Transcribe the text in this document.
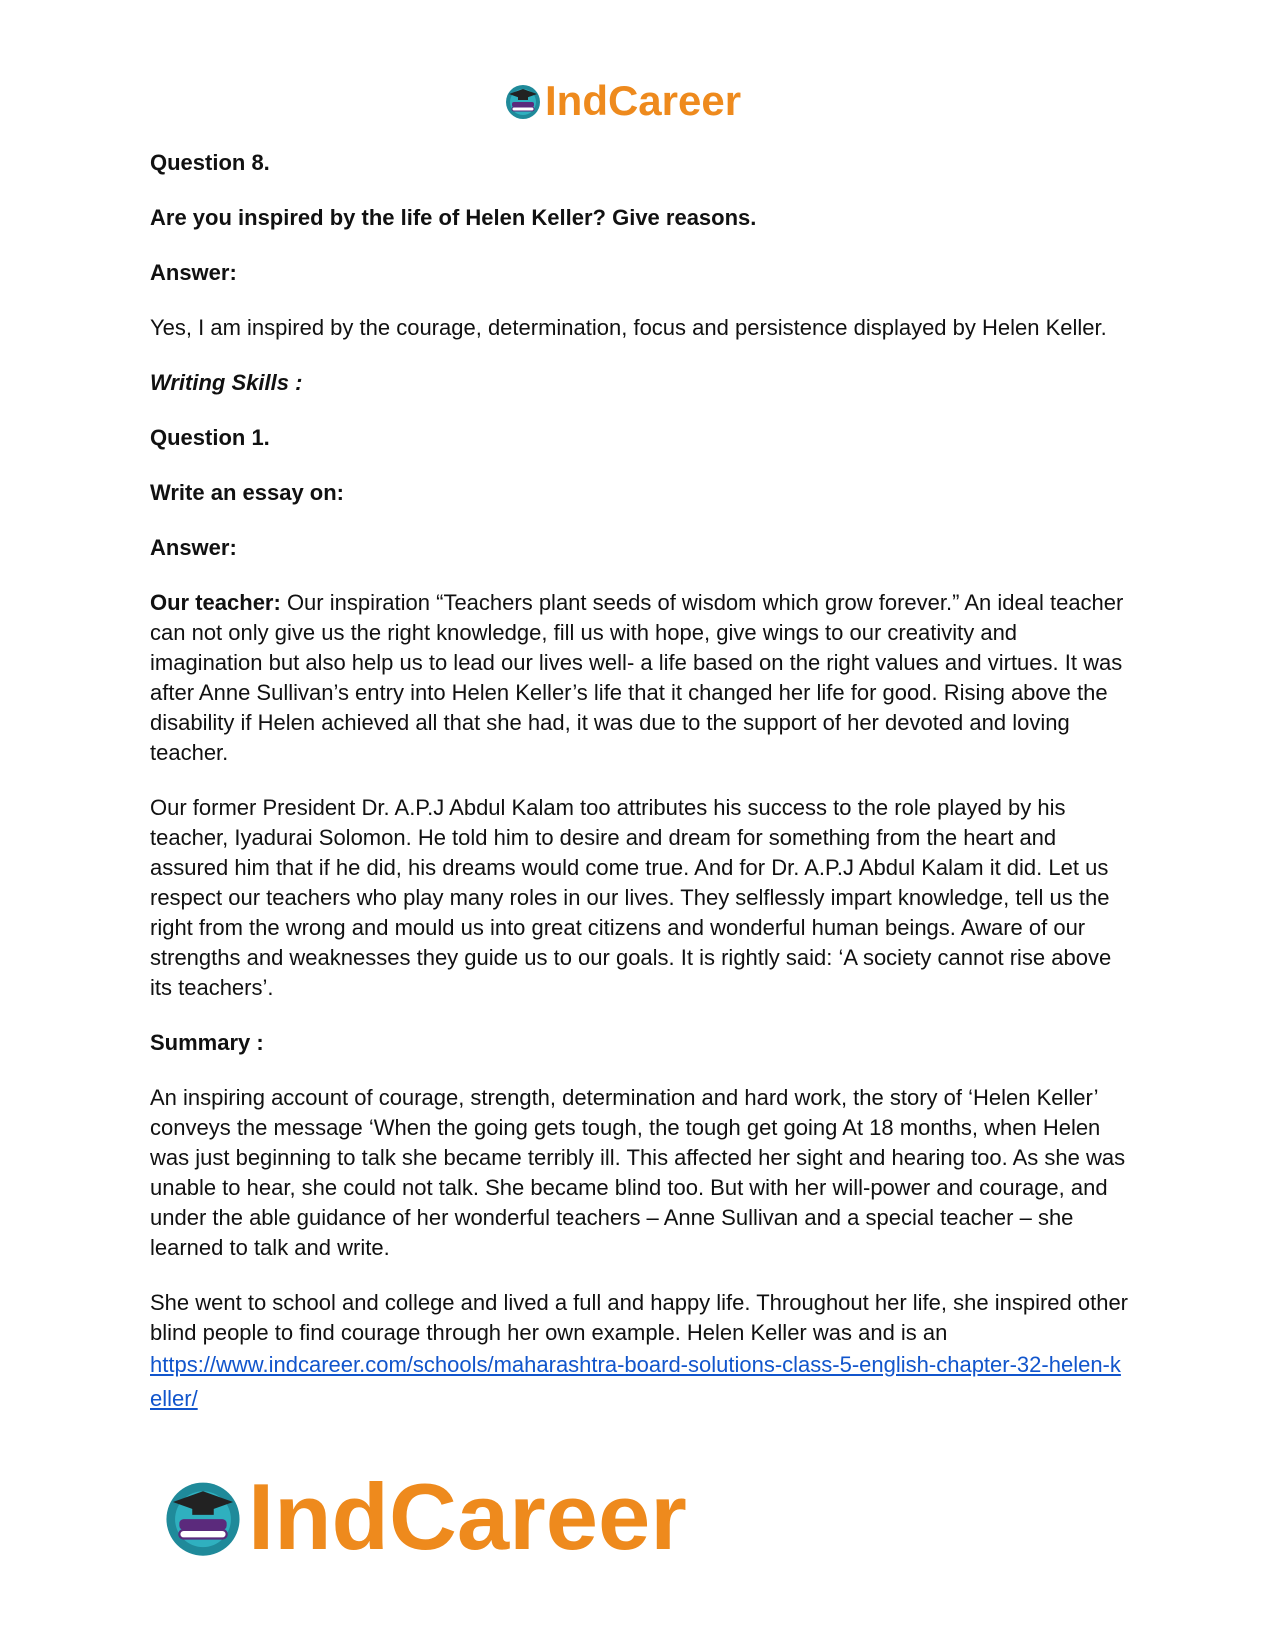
IndCareer

Question 8.

Are you inspired by the life of Helen Keller? Give reasons.

Answer:

Yes, I am inspired by the courage, determination, focus and persistence displayed by Helen Keller.

Writing Skills :

Question 1.

Write an essay on:

Answer:

Our teacher: Our inspiration “Teachers plant seeds of wisdom which grow forever.” An ideal teacher can not only give us the right knowledge, fill us with hope, give wings to our creativity and imagination but also help us to lead our lives well- a life based on the right values and virtues. It was after Anne Sullivan’s entry into Helen Keller’s life that it changed her life for good. Rising above the disability if Helen achieved all that she had, it was due to the support of her devoted and loving teacher.

Our former President Dr. A.P.J Abdul Kalam too attributes his success to the role played by his teacher, Iyadurai Solomon. He told him to desire and dream for something from the heart and assured him that if he did, his dreams would come true. And for Dr. A.P.J Abdul Kalam it did. Let us respect our teachers who play many roles in our lives. They selflessly impart knowledge, tell us the right from the wrong and mould us into great citizens and wonderful human beings. Aware of our strengths and weaknesses they guide us to our goals. It is rightly said: ‘A society cannot rise above its teachers’.

Summary :

An inspiring account of courage, strength, determination and hard work, the story of ‘Helen Keller’ conveys the message ‘When the going gets tough, the tough get going At 18 months, when Helen was just beginning to talk she became terribly ill. This affected her sight and hearing too. As she was unable to hear, she could not talk. She became blind too. But with her will-power and courage, and under the able guidance of her wonderful teachers – Anne Sullivan and a special teacher – she learned to talk and write.

She went to school and college and lived a full and happy life. Throughout her life, she inspired other blind people to find courage through her own example. Helen Keller was and is an
https://www.indcareer.com/schools/maharashtra-board-solutions-class-5-english-chapter-32-helen-keller/

IndCareer
